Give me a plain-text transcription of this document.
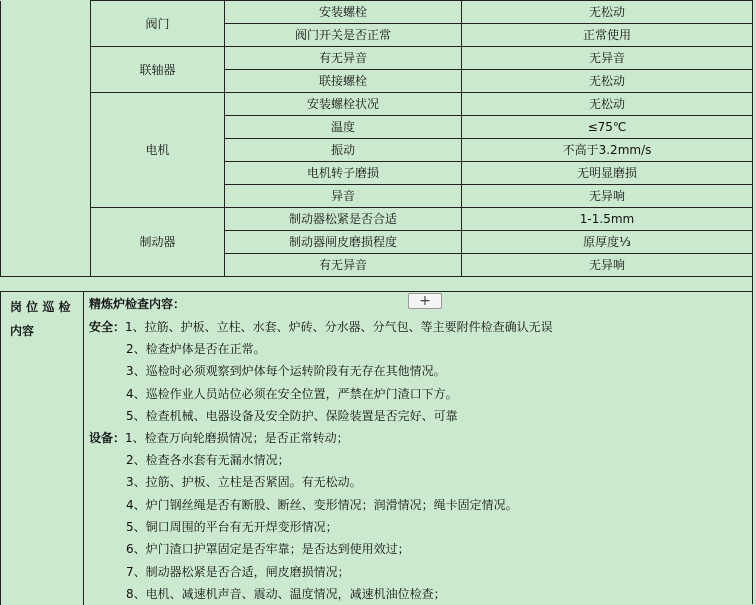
	阀门	安装螺栓	无松动
		阀门开关是否正常	正常使用
	联轴器	有无异音	无异音
		联接螺栓	无松动
	电机	安装螺栓状况	无松动
		温度	≤75℃
		振动	不高于3.2mm/s
		电机转子磨损	无明显磨损
		异音	无异响
	制动器	制动器松紧是否合适	1-1.5mm
		制动器闸皮磨损程度	原厚度⅓
		有无异音	无异响
岗 位 巡 检 内容
精炼炉检查内容：
安全：1、拉筋、护板、立柱、水套、炉砖、分水器、分气包、等主要附件检查确认无误
2、检查炉体是否在正常。
3、巡检时必须观察到炉体每个运转阶段有无存在其他情况。
4、巡检作业人员站位必须在安全位置，严禁在炉门渣口下方。
5、检查机械、电器设备及安全防护、保险装置是否完好、可靠
设备：1、检查万向轮磨损情况；是否正常转动；
2、检查各水套有无漏水情况；
3、拉筋、护板、立柱是否紧固。有无松动。
4、炉门钢丝绳是否有断股、断丝、变形情况；润滑情况；绳卡固定情况。
5、铜口周围的平台有无开焊变形情况；
6、炉门渣口护罩固定是否牢靠；是否达到使用效过；
7、制动器松紧是否合适，闸皮磨损情况；
8、电机、减速机声音、震动、温度情况，减速机油位检查；
+
